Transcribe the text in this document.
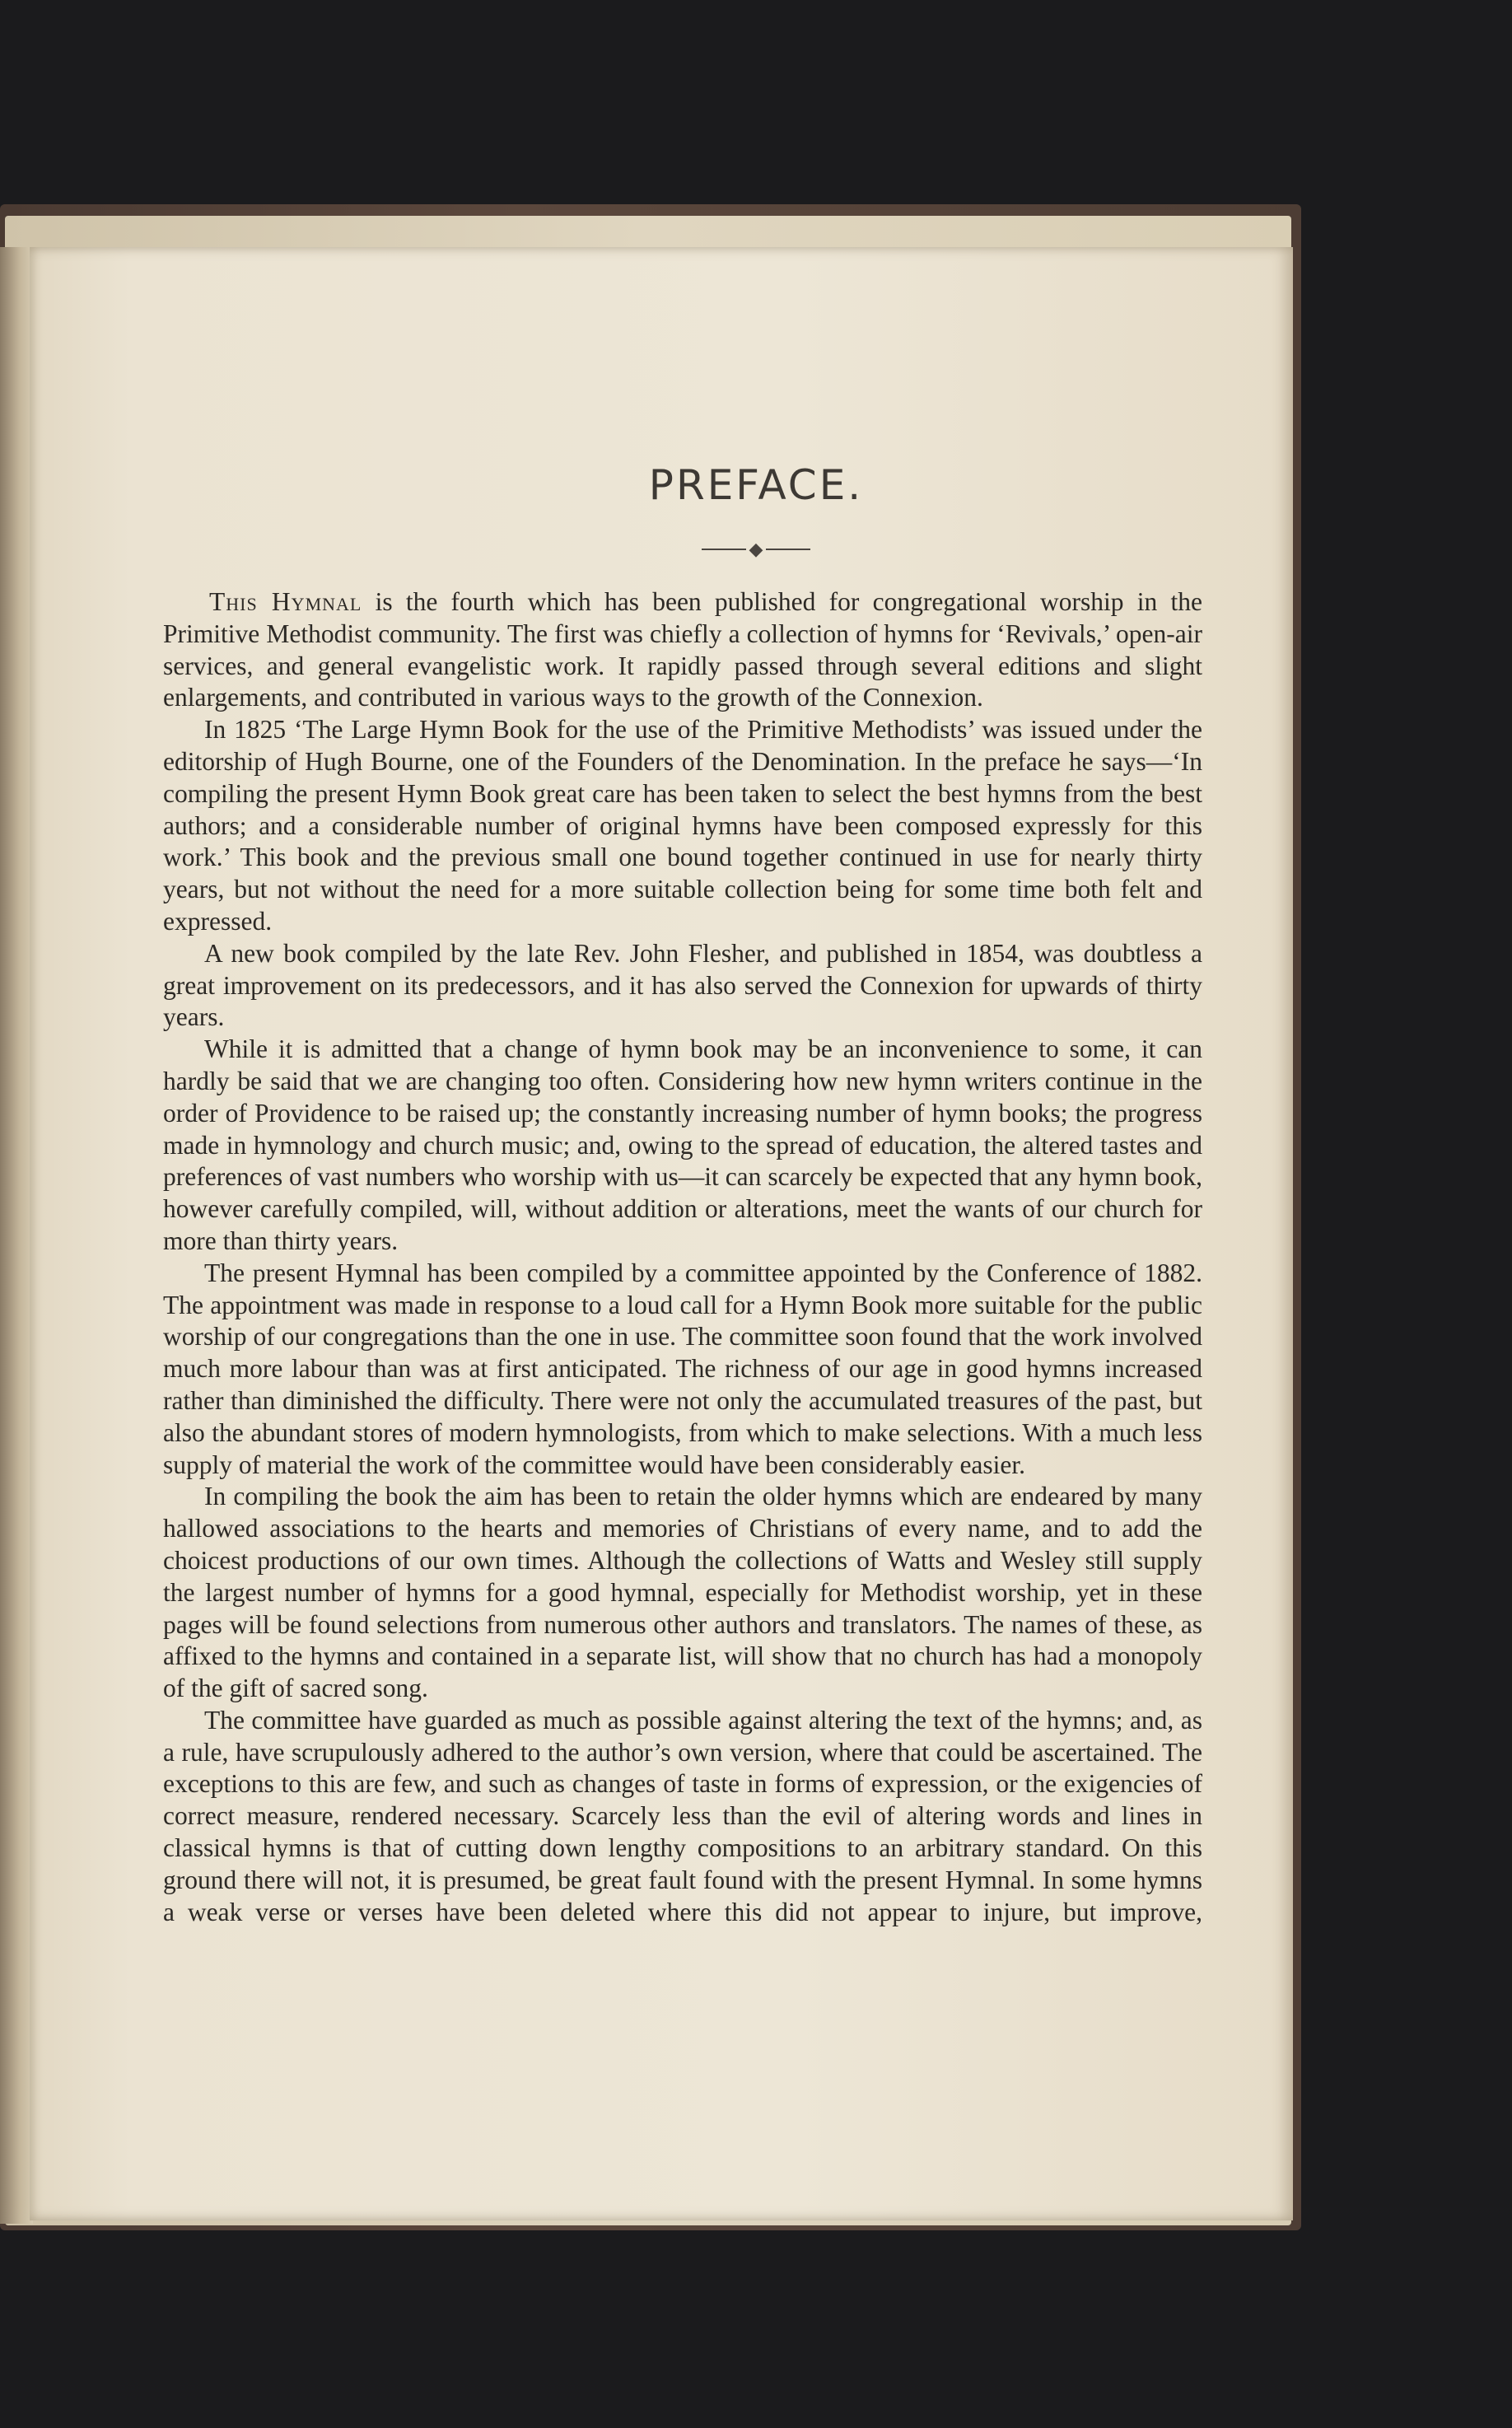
PREFACE.
◆

This Hymnal is the fourth which has been published for congregational worship in the Primitive Methodist community. The first was chiefly a collection of hymns for ‘Revivals,’ open-air services, and general evangelistic work. It rapidly passed through several editions and slight enlargements, and contributed in various ways to the growth of the Connexion.

In 1825 ‘The Large Hymn Book for the use of the Primitive Methodists’ was issued under the editorship of Hugh Bourne, one of the Founders of the Denomination. In the preface he says—‘In compiling the present Hymn Book great care has been taken to select the best hymns from the best authors; and a considerable number of original hymns have been composed expressly for this work.’ This book and the previous small one bound together continued in use for nearly thirty years, but not without the need for a more suitable collection being for some time both felt and expressed.

A new book compiled by the late Rev. John Flesher, and published in 1854, was doubtless a great improvement on its predecessors, and it has also served the Connexion for upwards of thirty years.

While it is admitted that a change of hymn book may be an inconvenience to some, it can hardly be said that we are changing too often. Considering how new hymn writers continue in the order of Providence to be raised up; the constantly increasing number of hymn books; the progress made in hymnology and church music; and, owing to the spread of education, the altered tastes and preferences of vast numbers who worship with us—it can scarcely be expected that any hymn book, however carefully compiled, will, without addition or alterations, meet the wants of our church for more than thirty years.

The present Hymnal has been compiled by a committee appointed by the Conference of 1882. The appointment was made in response to a loud call for a Hymn Book more suitable for the public worship of our congregations than the one in use. The committee soon found that the work involved much more labour than was at first anticipated. The richness of our age in good hymns increased rather than diminished the difficulty. There were not only the accumulated treasures of the past, but also the abundant stores of modern hymnologists, from which to make selections. With a much less supply of material the work of the committee would have been considerably easier.

In compiling the book the aim has been to retain the older hymns which are endeared by many hallowed associations to the hearts and memories of Christians of every name, and to add the choicest productions of our own times. Although the collections of Watts and Wesley still supply the largest number of hymns for a good hymnal, especially for Methodist worship, yet in these pages will be found selections from numerous other authors and translators. The names of these, as affixed to the hymns and contained in a separate list, will show that no church has had a monopoly of the gift of sacred song.

The committee have guarded as much as possible against altering the text of the hymns; and, as a rule, have scrupulously adhered to the author’s own version, where that could be ascertained. The exceptions to this are few, and such as changes of taste in forms of expression, or the exigencies of correct measure, rendered necessary. Scarcely less than the evil of altering words and lines in classical hymns is that of cutting down lengthy compositions to an arbitrary standard. On this ground there will not, it is presumed, be great fault found with the present Hymnal. In some hymns a weak verse or verses have been deleted where this did not appear to injure, but improve,
